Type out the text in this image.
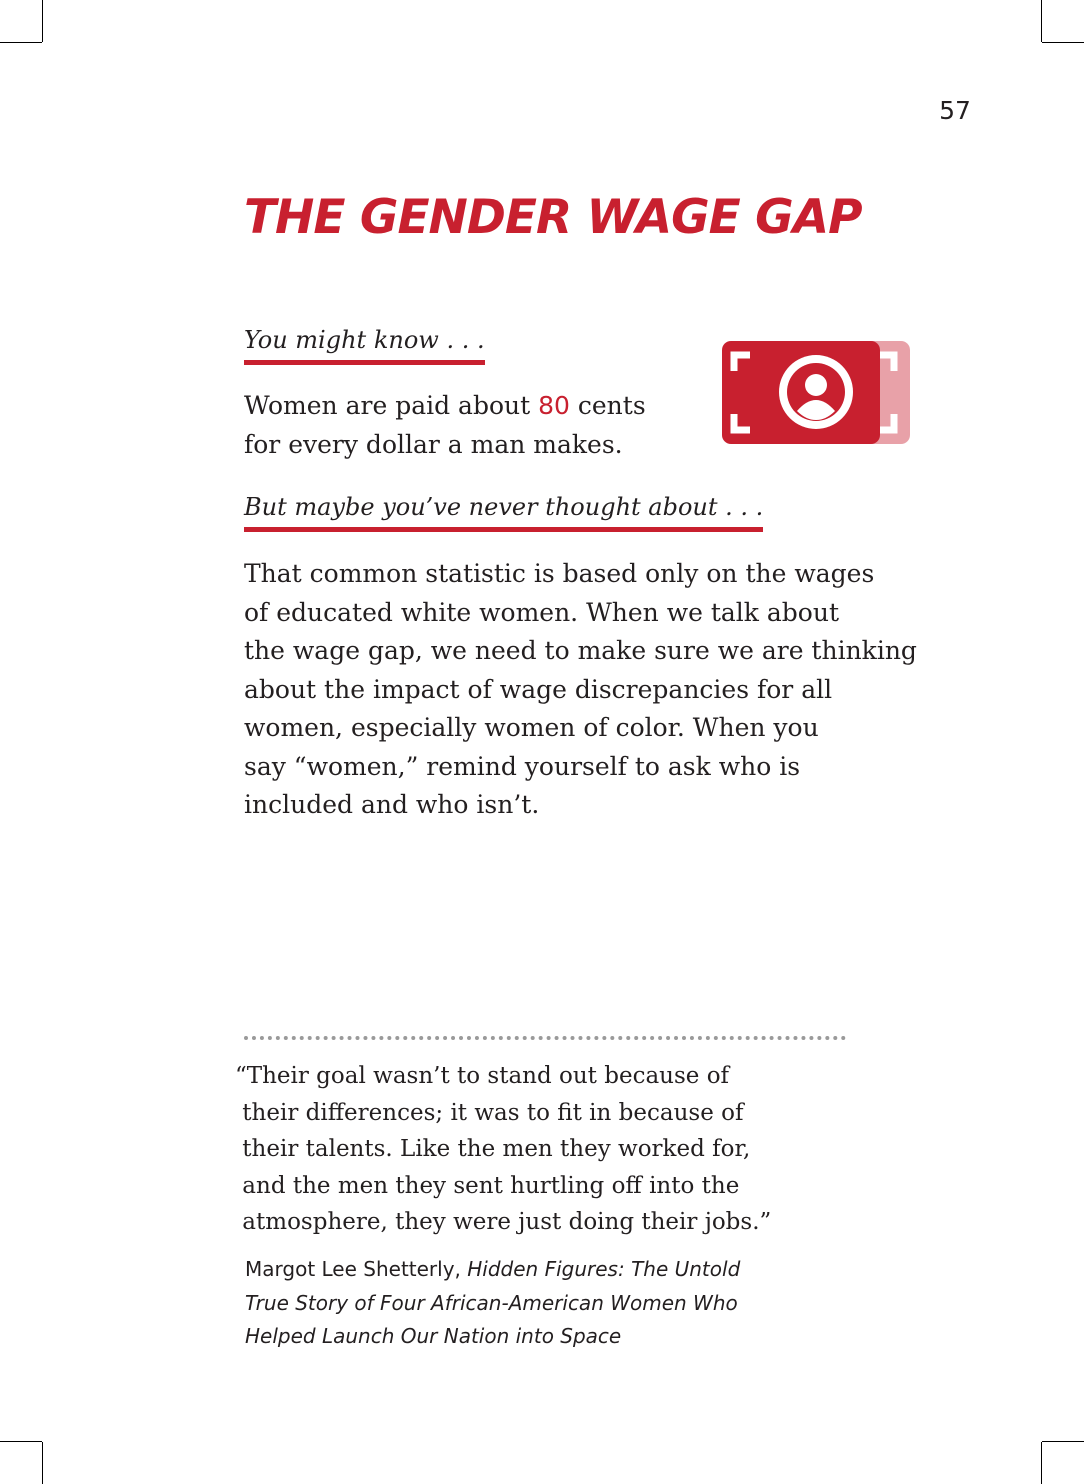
57
THE GENDER WAGE GAP
You might know . . .
Women are paid about 80 cents
for every dollar a man makes.
But maybe you’ve never thought about . . .
That common statistic is based only on the wages
of educated white women. When we talk about
the wage gap, we need to make sure we are thinking
about the impact of wage discrepancies for all
women, especially women of color. When you
say “women,” remind yourself to ask who is
included and who isn’t.
“Their goal wasn’t to stand out because of
their differences; it was to fit in because of
their talents. Like the men they worked for,
and the men they sent hurtling off into the
atmosphere, they were just doing their jobs.”
Margot Lee Shetterly, Hidden Figures: The Untold
True Story of Four African-American Women Who
Helped Launch Our Nation into Space
